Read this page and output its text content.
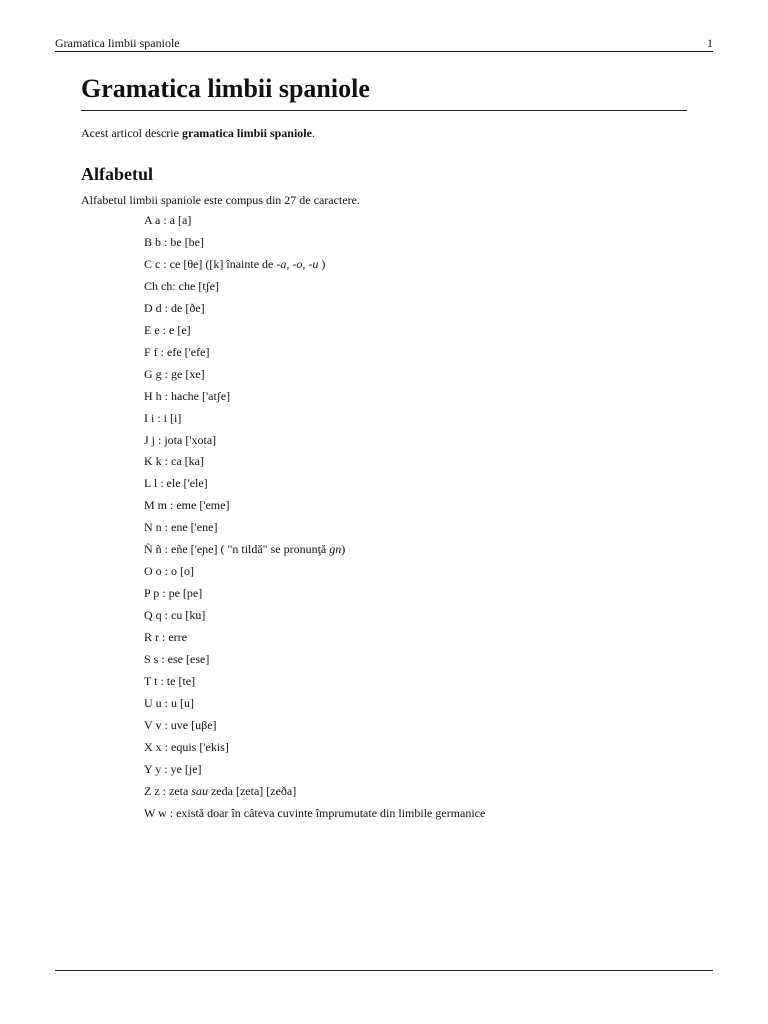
Gramatica limbii spaniole	1
Gramatica limbii spaniole

Acest articol descrie gramatica limbii spaniole.

Alfabetul

Alfabetul limbii spaniole este compus din 27 de caractere.

A a : a [a]
B b : be [be]
C c : ce [θe] ([k] înainte de -a, -o, -u )
Ch ch: che [tʃe]
D d : de [ðe]
E e : e [e]
F f : efe ['efe]
G g : ge [xe]
H h : hache ['atʃe]
I i : i [i]
J j : jota ['xota]
K k : ca [ka]
L l : ele ['ele]
M m : eme ['eme]
N n : ene ['ene]
Ñ ñ : eñe ['eɲe] ( "n tildă" se pronunţă gn)
O o : o [o]
P p : pe [pe]
Q q : cu [ku]
R r : erre
S s : ese [ese]
T t : te [te]
U u : u [u]
V v : uve [uβe]
X x : equis ['ekis]
Y y : ye [je]
Z z : zeta sau zeda [zeta] [zeða]
W w : există doar în câteva cuvinte împrumutate din limbile germanice
